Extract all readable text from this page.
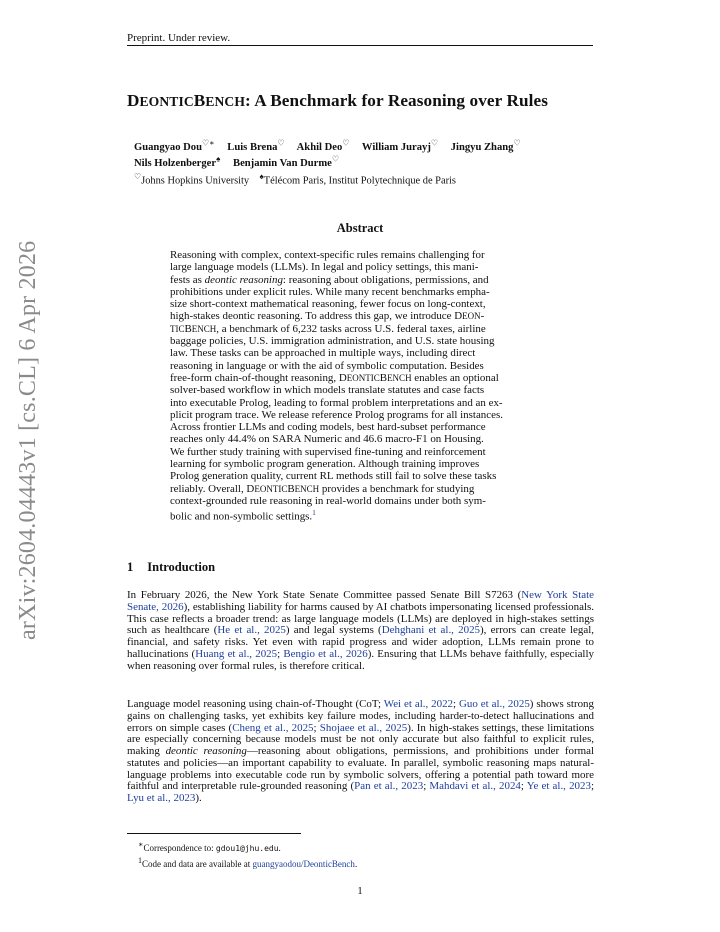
Preprint. Under review.
arXiv:2604.04443v1 [cs.CL] 6 Apr 2026
DEONTICBENCH: A Benchmark for Reasoning over Rules
Guangyao Dou♡∗ Luis Brena♡ Akhil Deo♡ William Jurayj♡ Jingyu Zhang♡
Nils Holzenberger♠ Benjamin Van Durme♡
♡Johns Hopkins University ♠Télécom Paris, Institut Polytechnique de Paris
Abstract
Reasoning with complex, context-specific rules remains challenging for
large language models (LLMs). In legal and policy settings, this mani-
fests as deontic reasoning: reasoning about obligations, permissions, and
prohibitions under explicit rules. While many recent benchmarks empha-
size short-context mathematical reasoning, fewer focus on long-context,
high-stakes deontic reasoning. To address this gap, we introduce DEON-
TICBENCH, a benchmark of 6,232 tasks across U.S. federal taxes, airline
baggage policies, U.S. immigration administration, and U.S. state housing
law. These tasks can be approached in multiple ways, including direct
reasoning in language or with the aid of symbolic computation. Besides
free-form chain-of-thought reasoning, DEONTICBENCH enables an optional
solver-based workflow in which models translate statutes and case facts
into executable Prolog, leading to formal problem interpretations and an ex-
plicit program trace. We release reference Prolog programs for all instances.
Across frontier LLMs and coding models, best hard-subset performance
reaches only 44.4% on SARA Numeric and 46.6 macro-F1 on Housing.
We further study training with supervised fine-tuning and reinforcement
learning for symbolic program generation. Although training improves
Prolog generation quality, current RL methods still fail to solve these tasks
reliably. Overall, DEONTICBENCH provides a benchmark for studying
context-grounded rule reasoning in real-world domains under both sym-
bolic and non-symbolic settings.$^1$
1 Introduction
In February 2026, the New York State Senate Committee passed Senate Bill S7263 (New York State Senate, 2026), establishing liability for harms caused by AI chatbots impersonating licensed professionals. This case reflects a broader trend: as large language models (LLMs) are deployed in high-stakes settings such as healthcare (He et al., 2025) and legal systems (Dehghani et al., 2025), errors can create legal, financial, and safety risks. Yet even with rapid progress and wider adoption, LLMs remain prone to hallucinations (Huang et al., 2025; Bengio et al., 2026). Ensuring that LLMs behave faithfully, especially when reasoning over formal rules, is therefore critical.
Language model reasoning using chain-of-Thought (CoT; Wei et al., 2022; Guo et al., 2025) shows strong gains on challenging tasks, yet exhibits key failure modes, including harder-to-detect hallucinations and errors on simple cases (Cheng et al., 2025; Shojaee et al., 2025). In high-stakes settings, these limitations are especially concerning because models must be not only accurate but also faithful to explicit rules, making deontic reasoning—reasoning about obligations, permissions, and prohibitions under formal statutes and policies—an important capability to evaluate. In parallel, symbolic reasoning maps natural-language problems into executable code run by symbolic solvers, offering a potential path toward more faithful and interpretable rule-grounded reasoning (Pan et al., 2023; Mahdavi et al., 2024; Ye et al., 2023; Lyu et al., 2023).
∗Correspondence to: gdou1@jhu.edu.
1Code and data are available at guangyaodou/DeonticBench.
1
